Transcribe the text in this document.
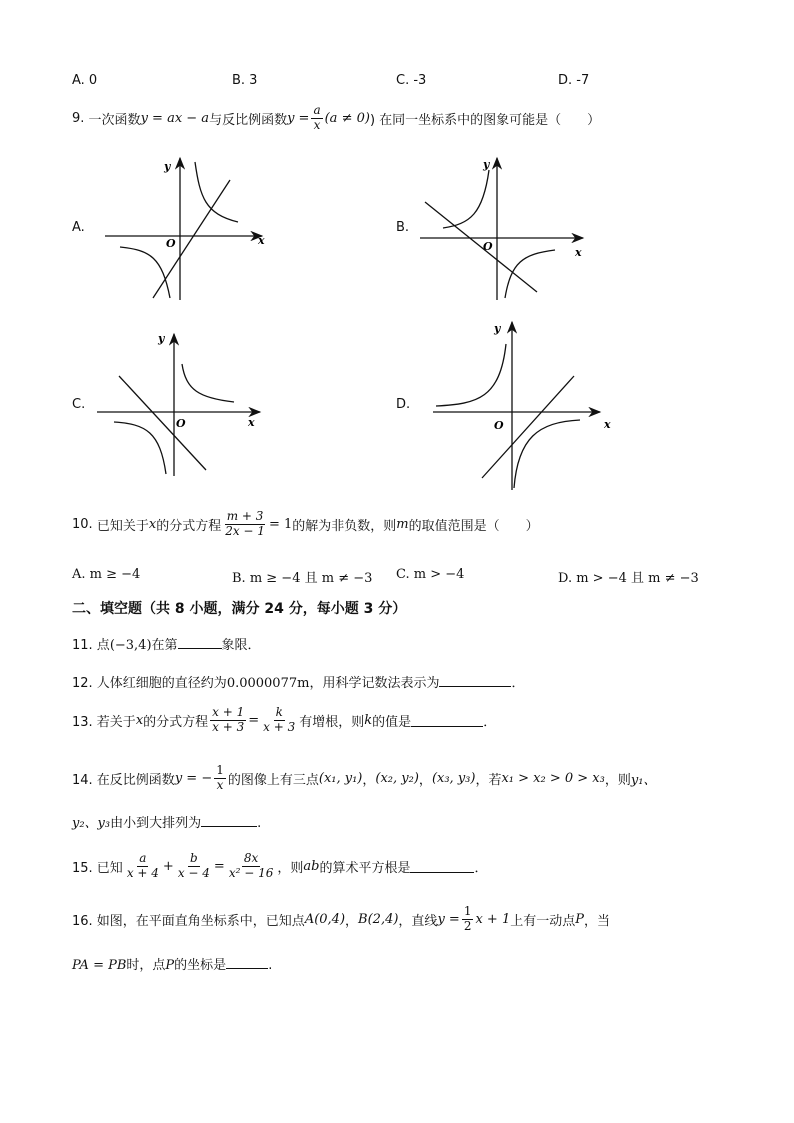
A. 0	B. 3	C. -3	D. -7
9.
一次函数 y = ax − a 与反比例函数 $y = \frac{a}{x} (a \ne 0)$ ) 在同一坐标系中的图象可能是（　　）
A.	B.
C.	D.
x
y
O
x
y
O
x
y
O	x
y
O
10.
已知关于 x 的分式方程 $\frac{m + 3}{2x - 1} = 1$ 的解为非负数，则 m 的取值范围是（　　）
A. m ≥ −4	B. m ≥ −4 且 m ≠ −3 C. m > −4	D. m > −4 且 m ≠ −3
二、填空题（共 8 小题，满分 24 分，每小题 3 分）
11. 点(−3,4)在第	象限．
12. 人体红细胞的直径约为0.0000077m，用科学记数法表示为	．
13. 若关于 x 的分式方程 $\frac{x + 1}{x + 3} = \frac{k}{x + 3}$ 有增根，则 k 的值是	．
14. 在反比例函数 y = − $\frac{1}{x}$ 的图像上有三点 (x₁, y₁) ， (x₂, y₂) ， (x₃, y₃) ，若 x₁ > x₂ > 0 > x₃ ，则 y₁、
y₂、y₃由小到大排列为	.
15. 已知 $\frac{a}{x + 4} + \frac{b}{x - 4} = \frac{8x}{\text{x² − 16}}$ ，则 ab 的算术平方根是	．
16. 如图，在平面直角坐标系中，已知点 A(0,4) ， B(2,4) ，直线 $y = \frac{1}{2}$ x + 1 上有一动点 P ，当
PA = PB时，点P的坐标是	.
